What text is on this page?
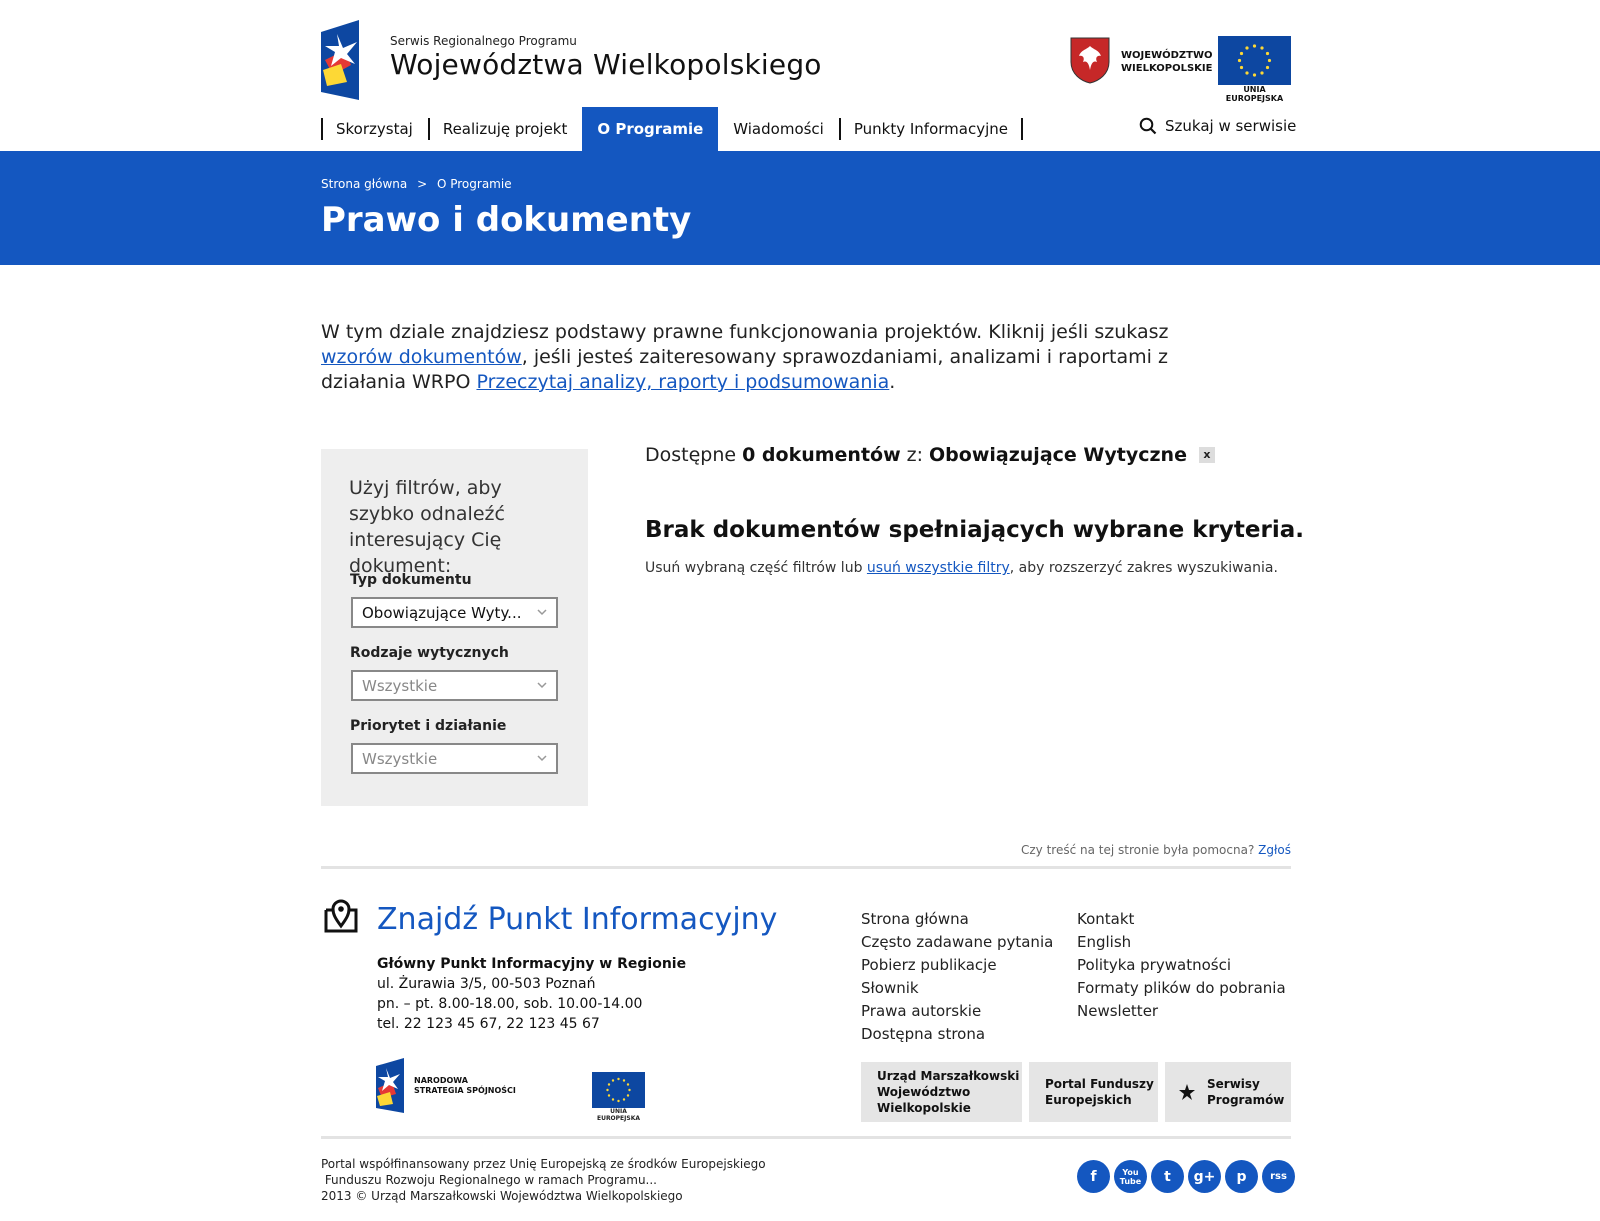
Serwis Regionalnego Programu
Województwa Wielkopolskiego	WOJEWÓDZTWO
WIELKOPOLSKIE
UNIA EUROPEJSKA
Skorzystaj Realizuję projekt O Programie Wiadomości Punkty Informacyjne	Szukaj w serwisie
Strona główna > O Programie
Prawo i dokumenty
W tym dziale znajdziesz podstawy prawne funkcjonowania projektów. Kliknij jeśli szukasz wzorów dokumentów, jeśli jesteś zaiteresowany sprawozdaniami, analizami i raportami z działania WRPO Przeczytaj analizy, raporty i podsumowania.
Użyj filtrów, aby szybko odnaleźć interesujący Cię dokument:
Typ dokumentu
Obowiązujące Wyty...
Rodzaje wytycznych
Wszystkie
Priorytet i działanie
Wszystkie
Dostępne 0 dokumentów z: Obowiązujące Wytyczne	x
Brak dokumentów spełniających wybrane kryteria.
Usuń wybraną część filtrów lub usuń wszystkie filtry, aby rozszerzyć zakres wyszukiwania.
Czy treść na tej stronie była pomocna? Zgłoś
Znajdź Punkt Informacyjny
Główny Punkt Informacyjny w Regionie
ul. Żurawia 3/5, 00-503 Poznań
pn. – pt. 8.00-18.00, sob. 10.00-14.00
tel. 22 123 45 67, 22 123 45 67
Strona główna
Często zadawane pytania
Pobierz publikacje
Słownik
Prawa autorskie
Dostępna strona
Kontakt
English
Polityka prywatności
Formaty plików do pobrania
Newsletter
NARODOWA
STRATEGIA SPÓJNOŚCI
UNIA EUROPEJSKA
Urząd Marszałkowski
Województwo
Wielkopolskie
Portal Funduszy
Europejskich
Serwisy
Programów
Portal współfinansowany przez Unię Europejską ze środków Europejskiego
Funduszu Rozwoju Regionalnego w ramach Programu...
2013 © Urząd Marszałkowski Województwa Wielkopolskiego
f	You Tube	t	g+	p	rss
